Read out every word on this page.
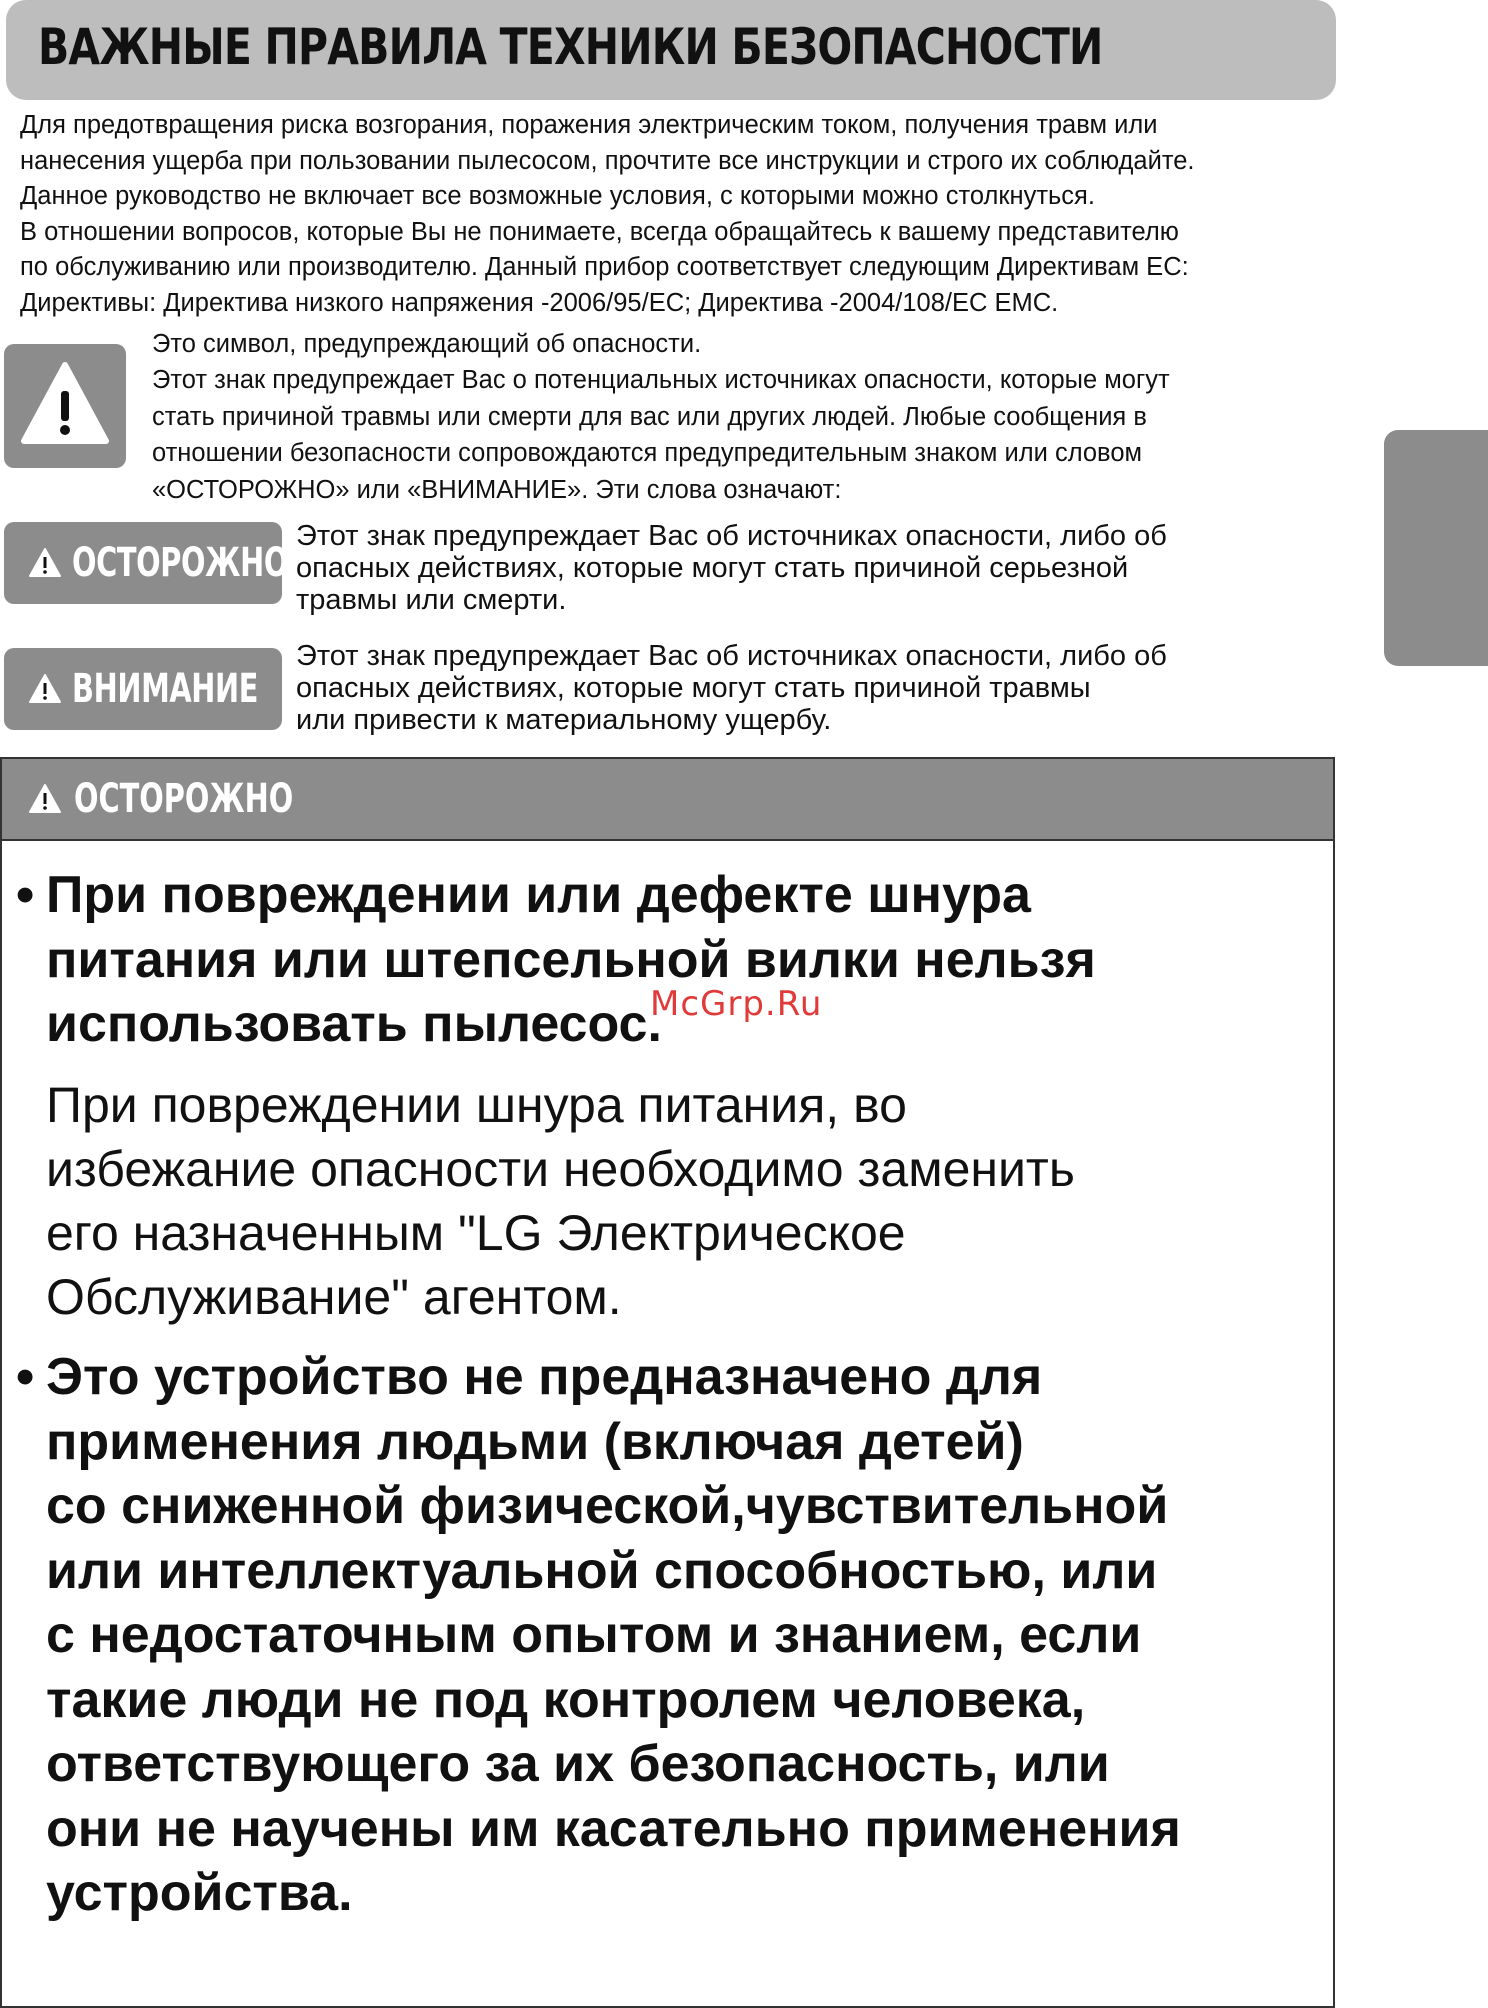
ВАЖНЫЕ ПРАВИЛА ТЕХНИКИ БЕЗОПАСНОСТИ
Для предотвращения риска возгорания, поражения электрическим током, получения травм или
нанесения ущерба при пользовании пылесосом, прочтите все инструкции и строго их соблюдайте.
Данное руководство не включает все возможные условия, с которыми можно столкнуться.
В отношении вопросов, которые Вы не понимаете, всегда обращайтесь к вашему представителю
по обслуживанию или производителю. Данный прибор соответствует следующим Директивам ЕС:
Директивы: Директива низкого напряжения -2006/95/EC; Директива -2004/108/EC EMC.
Это символ, предупреждающий об опасности.
Этот знак предупреждает Вас о потенциальных источниках опасности, которые могут
стать причиной травмы или смерти для вас или других людей. Любые сообщения в
отношении безопасности сопровождаются предупредительным знаком или словом
«ОСТОРОЖНО» или «ВНИМАНИЕ». Эти слова означают:
ОСТОРОЖНО
Этот знак предупреждает Вас об источниках опасности, либо об
опасных действиях, которые могут стать причиной серьезной
травмы или смерти.
ВНИМАНИЕ
Этот знак предупреждает Вас об источниках опасности, либо об
опасных действиях, которые могут стать причиной травмы
или привести к материальному ущербу.
ОСТОРОЖНО
• При повреждении или дефекте шнура
питания или штепсельной вилки нельзя
использовать пылесос.
При повреждении шнура питания, во
избежание опасности необходимо заменить
его назначенным "LG Электрическое
Обслуживание" агентом.
• Это устройство не предназначено для
применения людьми (включая детей)
со сниженной физической,чувствительной
или интеллектуальной способностью, или
с недостаточным опытом и знанием, если
такие люди не под контролем человека,
ответствующего за их безопасность, или
они не научены им касательно применения
устройства.
McGrp.Ru
